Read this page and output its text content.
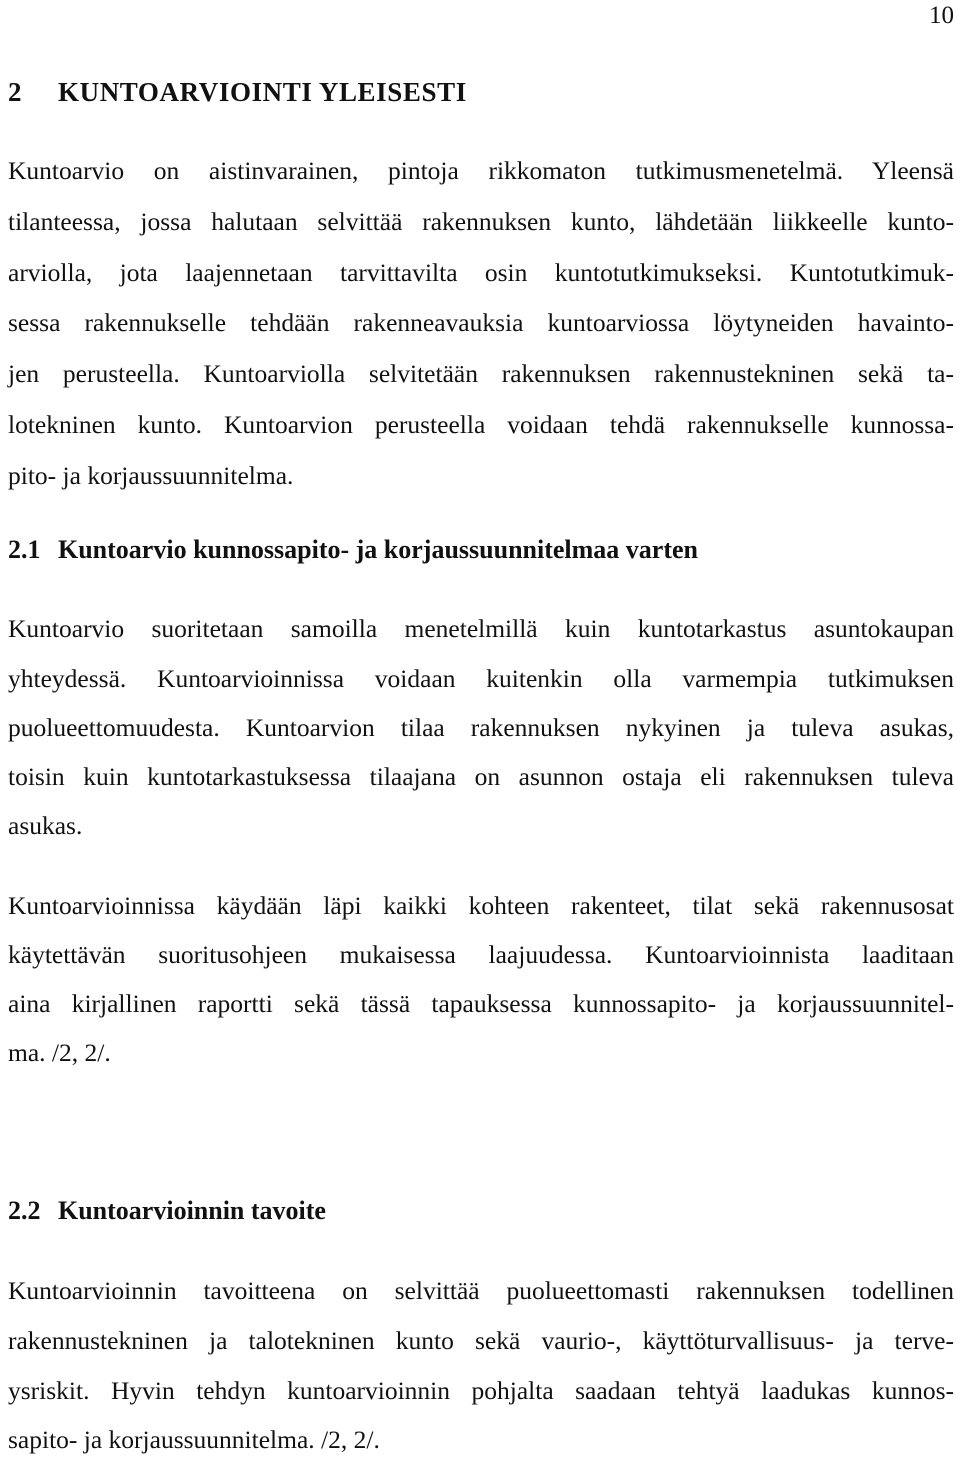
10
2 KUNTOARVIOINTI YLEISESTI
Kuntoarvio on aistinvarainen, pintoja rikkomaton tutkimusmenetelmä. Yleensä
tilanteessa, jossa halutaan selvittää rakennuksen kunto, lähdetään liikkeelle kunto-
arviolla, jota laajennetaan tarvittavilta osin kuntotutkimukseksi. Kuntotutkimuk-
sessa rakennukselle tehdään rakenneavauksia kuntoarviossa löytyneiden havainto-
jen perusteella. Kuntoarviolla selvitetään rakennuksen rakennustekninen sekä ta-
lotekninen kunto. Kuntoarvion perusteella voidaan tehdä rakennukselle kunnossa-
pito- ja korjaussuunnitelma.
2.1 Kuntoarvio kunnossapito- ja korjaussuunnitelmaa varten
Kuntoarvio suoritetaan samoilla menetelmillä kuin kuntotarkastus asuntokaupan
yhteydessä. Kuntoarvioinnissa voidaan kuitenkin olla varmempia tutkimuksen
puolueettomuudesta. Kuntoarvion tilaa rakennuksen nykyinen ja tuleva asukas,
toisin kuin kuntotarkastuksessa tilaajana on asunnon ostaja eli rakennuksen tuleva
asukas.
Kuntoarvioinnissa käydään läpi kaikki kohteen rakenteet, tilat sekä rakennusosat
käytettävän suoritusohjeen mukaisessa laajuudessa. Kuntoarvioinnista laaditaan
aina kirjallinen raportti sekä tässä tapauksessa kunnossapito- ja korjaussuunnitel-
ma. /2, 2/.
2.2 Kuntoarvioinnin tavoite
Kuntoarvioinnin tavoitteena on selvittää puolueettomasti rakennuksen todellinen
rakennustekninen ja talotekninen kunto sekä vaurio-, käyttöturvallisuus- ja terve-
ysriskit. Hyvin tehdyn kuntoarvioinnin pohjalta saadaan tehtyä laadukas kunnos-
sapito- ja korjaussuunnitelma. /2, 2/.
